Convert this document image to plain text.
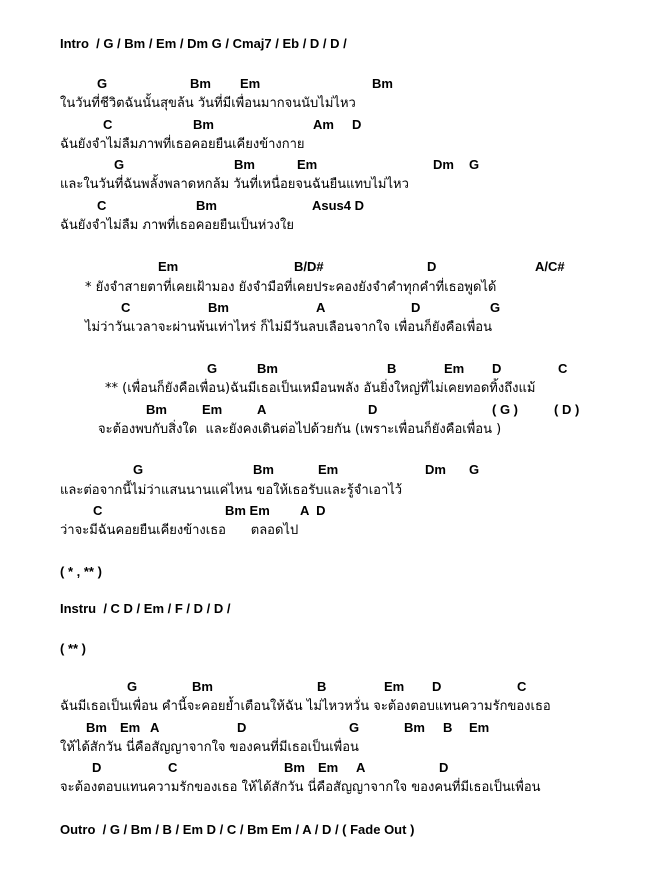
Intro  / G / Bm / Em / Dm G / Cmaj7 / Eb / D / D /
G	Bm Em	Bm
ในวันที่ชีวิตฉันนั้นสุขล้น วันที่มีเพื่อนมากจนนับไม่ไหว
C	Bm	Am D
ฉันยังจำไม่ลืมภาพที่เธอคอยยืนเคียงข้างกาย
G	Bm	Em	Dm G
และในวันที่ฉันพลั้งพลาดหกล้ม วันที่เหนื่อยจนฉันยืนแทบไม่ไหว
C	Bm	Asus4 D
ฉันยังจำไม่ลืม ภาพที่เธอคอยยืนเป็นห่วงใย
Em	B/D#	D	A/C#
* ยังจำสายตาที่เคยเฝ้ามอง ยังจำมือที่เคยประคองยังจำคำทุกคำที่เธอพูดได้
C	Bm	A	D	G
ไม่ว่าวันเวลาจะผ่านพ้นเท่าไหร่ ก็ไม่มีวันลบเลือนจากใจ เพื่อนก็ยังคือเพื่อน
G	Bm	B	Em D	C
** (เพื่อนก็ยังคือเพื่อน)ฉันมีเธอเป็นเหมือนพลัง อันยิ่งใหญ่ที่ไม่เคยทอดทิ้งถึงแม้
Bm	Em	A	D	( G )	( D )
จะต้องพบกับสิ่งใด  และยังคงเดินต่อไปด้วยกัน (เพราะเพื่อนก็ยังคือเพื่อน )
G	Bm	Em	Dm G
และต่อจากนี้ไม่ว่าแสนนานแค่ไหน ขอให้เธอรับและรู้จำเอาไว้
C	Bm Em A  D
ว่าจะมีฉันคอยยืนเคียงข้างเธอ      ตลอดไป
( * , ** )
Instru  / C D / Em / F / D / D /
( ** )
G	Bm	B	Em D	C
ฉันมีเธอเป็นเพื่อน คำนี้จะคอยย้ำเตือนให้ฉัน ไม่ไหวหวั่น จะต้องตอบแทนความรักของเธอ
Bm Em A	D	G	Bm B Em
ให้ได้สักวัน นี่คือสัญญาจากใจ ของคนที่มีเธอเป็นเพื่อน
D	C	Bm Em A	D
จะต้องตอบแทนความรักของเธอ ให้ได้สักวัน นี่คือสัญญาจากใจ ของคนที่มีเธอเป็นเพื่อน
Outro  / G / Bm / B / Em D / C / Bm Em / A / D / ( Fade Out )
